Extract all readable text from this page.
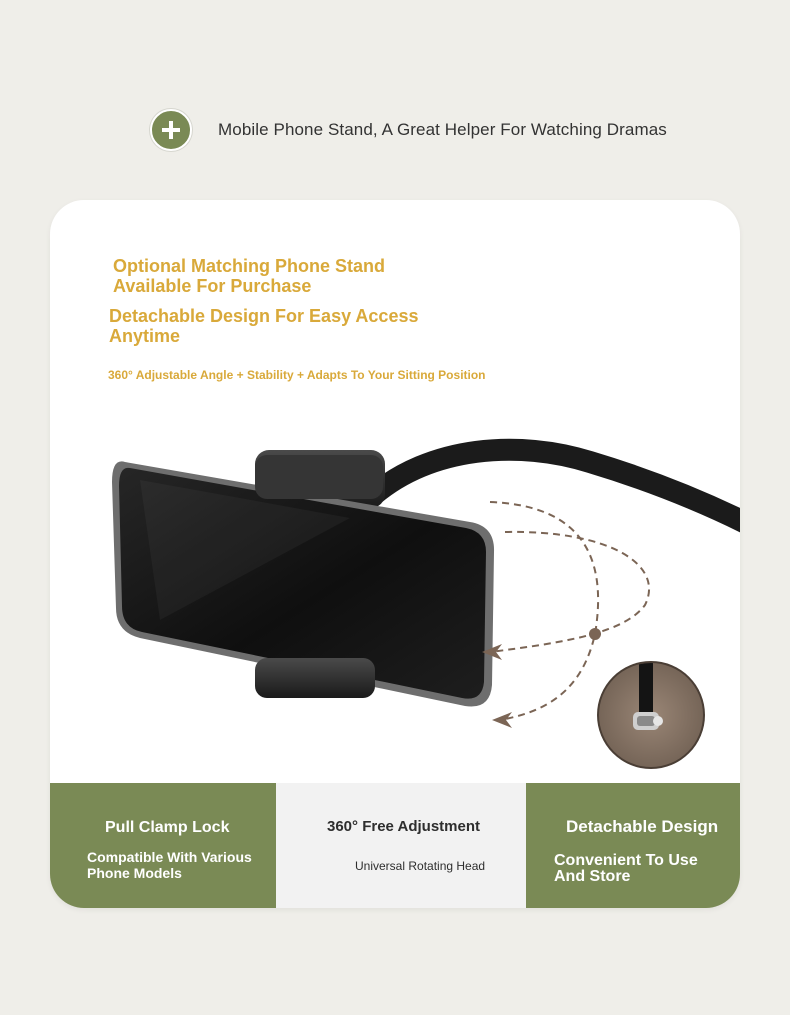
Mobile Phone Stand, A Great Helper For Watching Dramas
Optional Matching Phone Stand
Available For Purchase
Detachable Design For Easy Access
Anytime
360° Adjustable Angle + Stability + Adapts To Your Sitting Position
Pull Clamp Lock
Compatible With Various
Phone Models
360° Free Adjustment
Universal Rotating Head
Detachable Design
Convenient To Use
And Store
